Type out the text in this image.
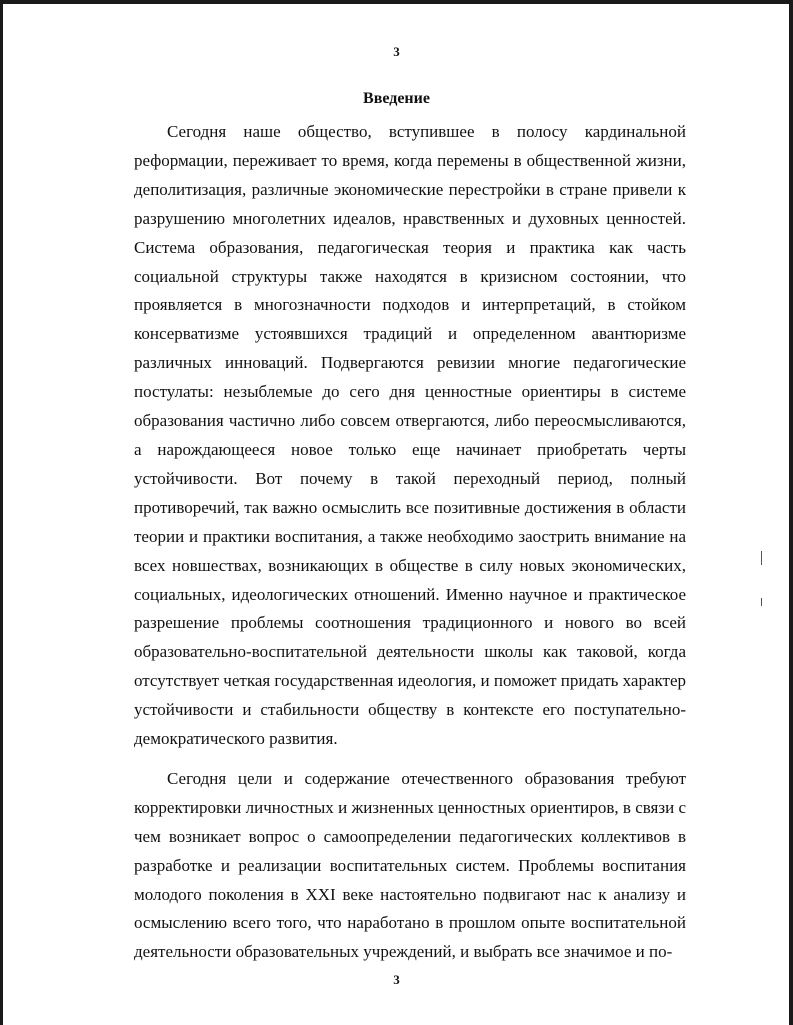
3
Введение

Сегодня наше общество, вступившее в полосу кардинальной реформации, переживает то время, когда перемены в общественной жизни, деполитизация, различные экономические перестройки в стране привели к разрушению многолетних идеалов, нравственных и духовных ценностей. Система образования, педагогическая теория и практика как часть социальной структуры также находятся в кризисном состоянии, что проявляется в многозначности подходов и интерпретаций, в стойком консерватизме устоявшихся традиций и определенном авантюризме различных инноваций. Подвергаются ревизии многие педагогические постулаты: незыблемые до сего дня ценностные ориентиры в системе образования частично либо совсем отвергаются, либо переосмысливаются, а нарождающееся новое только еще начинает приобретать черты устойчивости. Вот почему в такой переходный период, полный противоречий, так важно осмыслить все позитивные достижения в области теории и практики воспитания, а также необходимо заострить внимание на всех новшествах, возникающих в обществе в силу новых экономических, социальных, идеологических отношений. Именно научное и практическое разрешение проблемы соотношения традиционного и нового во всей образовательно-воспитательной деятельности школы как таковой, когда отсутствует четкая государственная идеология, и поможет придать характер устойчивости и стабильности обществу в контексте его поступательно-демократического развития.

Сегодня цели и содержание отечественного образования требуют корректировки личностных и жизненных ценностных ориентиров, в связи с чем возникает вопрос о самоопределении педагогических коллективов в разработке и реализации воспитательных систем. Проблемы воспитания молодого поколения в XXI веке настоятельно подвигают нас к анализу и осмыслению всего того, что наработано в прошлом опыте воспитательной деятельности образовательных учреждений, и выбрать все значимое и по-

3
